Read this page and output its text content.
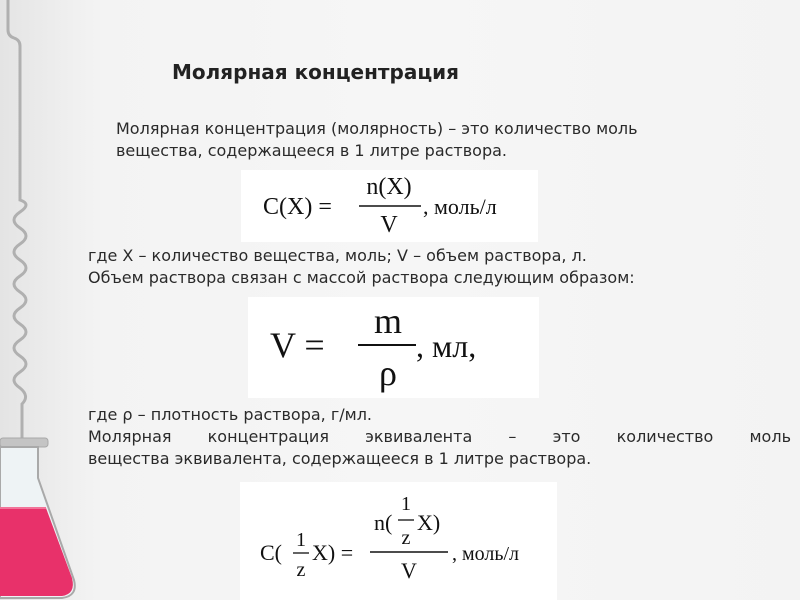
Молярная концентрация
Молярная концентрация (молярность) – это количество моль
вещества, содержащееся в 1 литре раствора.
C(X) =
n(X)
V
, моль/л
где Х – количество вещества, моль; V – объем раствора, л.
Объем раствора связан с массой раствора следующим образом:
V =
m
ρ
, мл,
где ρ – плотность раствора, г/мл.
Молярная концентрация эквивалента – это количество моль
вещества эквивалента, содержащееся в 1 литре раствора.
C( 1
z
X) =
n(
1
z
X)
V
, моль/л
